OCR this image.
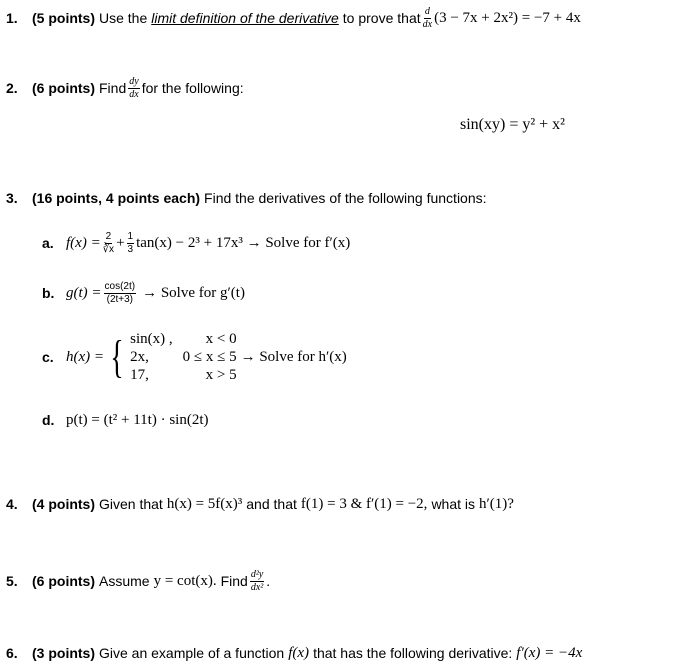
1. (5 points) Use the limit definition of the derivative to prove that $\frac{d}{dx} (3 - 7x + 2x^2) = -7 + 4x$
2. (6 points) Find $\frac{dy}{dx}$ for the following:
sin(xy) = y² + x²
3. (16 points, 4 points each) Find the derivatives of the following functions:
a. $f(x) = \frac{2}{∛x} + \frac{1}{3} \tan(x) - 2^3 + 17x^3$ → Solve for f′(x)
b. $g(t) = \frac{\cos(2t)}{(2t+3)}$ → Solve for g′(t)
c. h(x) = { sin(x) ,	x < 0
2x,	0 ≤ x ≤ 5
17,	x > 5
→ Solve for h′(x)
d. p(t) = (t² + 11t) · sin(2t)
4. (4 points) Given that h(x) = 5f(x)³ and that f(1) = 3 & f′(1) = −2, what is h′(1)?
5. (6 points) Assume y = cot(x). Find $\frac{\text{d²y}}{\text{dx²}}$ .
6. (3 points) Give an example of a function f(x) that has the following derivative: f′(x) = −4x
